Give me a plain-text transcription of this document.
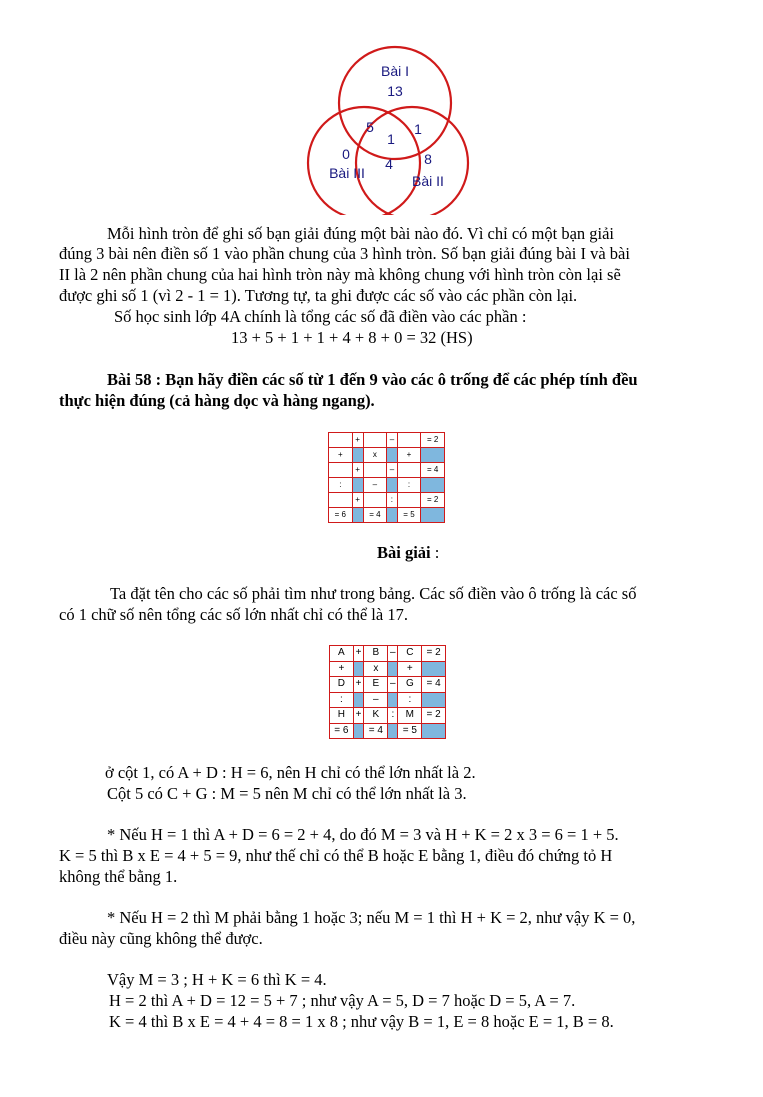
Bài I
13
5
1
1
0
4 8
Bài III	Bài II
Mỗi hình tròn để ghi số bạn giải đúng một bài nào đó. Vì chỉ có một bạn giải
đúng 3 bài nên điền số 1 vào phần chung của 3 hình tròn. Số bạn giải đúng bài I và bài
II là 2 nên phần chung của hai hình tròn này mà không chung với hình tròn còn lại sẽ
được ghi số 1 (vì 2 - 1 = 1). Tương tự, ta ghi được các số vào các phần còn lại.
Số học sinh lớp 4A chính là tổng các số đã điền vào các phần :
13 + 5 + 1 + 1 + 4 + 8 + 0 = 32 (HS)
Bài 58 : Bạn hãy điền các số từ 1 đến 9 vào các ô trống để các phép tính đều
thực hiện đúng (cả hàng dọc và hàng ngang).
	+		–		= 2
+		x		+	
	+		–		= 4
:		–		:	
	+		:		= 2
= 6		= 4		= 5	
Bài giải :
Ta đặt tên cho các số phải tìm như trong bảng. Các số điền vào ô trống là các số
có 1 chữ số nên tổng các số lớn nhất chỉ có thể là 17.
A	+	B	–	C	= 2
+		x		+	
D	+	E	–	G	= 4
:		–		:	
H	+	K	:	M	= 2
= 6		= 4		= 5	
ở cột 1, có A + D : H = 6, nên H chỉ có thể lớn nhất là 2.
Cột 5 có C + G : M = 5 nên M chỉ có thể lớn nhất là 3.
* Nếu H = 1 thì A + D = 6 = 2 + 4, do đó M = 3 và H + K = 2 x 3 = 6 = 1 + 5.
K = 5 thì B x E = 4 + 5 = 9, như thế chỉ có thể B hoặc E bằng 1, điều đó chứng tỏ H
không thể bằng 1.
* Nếu H = 2 thì M phải bằng 1 hoặc 3; nếu M = 1 thì H + K = 2, như vậy K = 0,
điều này cũng không thể được.
Vậy M = 3 ; H + K = 6 thì K = 4.
H = 2 thì A + D = 12 = 5 + 7 ; như vậy A = 5, D = 7 hoặc D = 5, A = 7.
K = 4 thì B x E = 4 + 4 = 8 = 1 x 8 ; như vậy B = 1, E = 8 hoặc E = 1, B = 8.
